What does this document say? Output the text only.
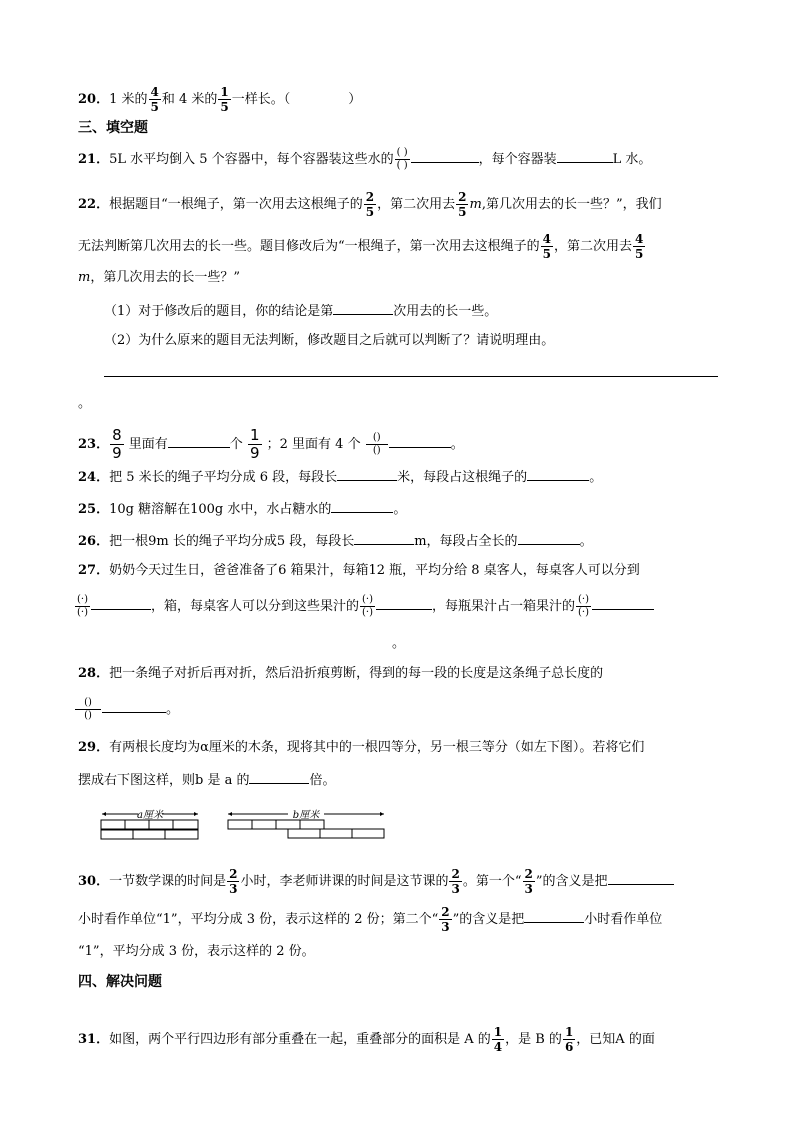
20．1 米的 $\frac{4}{5}$ 和 4 米的 $\frac{1}{5}$ 一样长。（	）
三、填空题
21．5L 水平均倒入 5 个容器中，每个容器装这些水的 $\frac{( )}{( )}$	，每个容器装	L 水。
22．根据题目“一根绳子，第一次用去这根绳子的 $\frac{2}{5}$ ，第二次用去 $\frac{2}{5} m$,第几次用去的长一些？”，我们
无法判断第几次用去的长一些。题目修改后为“一根绳子，第一次用去这根绳子的 $\frac{4}{5}$ ，第二次用去 $\frac{4}{5}$
m，第几次用去的长一些？”
（1）对于修改后的题目，你的结论是第	次用去的长一些。
（2）为什么原来的题目无法判断，修改题目之后就可以判断了？请说明理由。
。
23． $\frac{8}{9}$ 里面有	个 $\frac{1}{9}$ ；2 里面有 4 个 $\frac{()}{()}$	。
24．把 5 米长的绳子平均分成 6 段，每段长	米，每段占这根绳子的	。
25．10g 糖溶解在100g 水中，水占糖水的	。
26．把一根9m 长的绳子平均分成5 段，每段长	m，每段占全长的	。
27．奶奶今天过生日，爸爸准备了6 箱果汁，每箱12 瓶，平均分给 8 桌客人，每桌客人可以分到
$\frac{(\cdot)}{(\cdot)}$	，箱，每桌客人可以分到这些果汁的 $\frac{(\cdot)}{(\cdot)}$	，每瓶果汁占一箱果汁的 $\frac{(\cdot)}{(\cdot)}$
。
28．把一条绳子对折后再对折，然后沿折痕剪断，得到的每一段的长度是这条绳子总长度的
$\frac{()}{()}$	。
29．有两根长度均为α厘米的木条，现将其中的一根四等分，另一根三等分（如左下图）。若将它们
摆成右下图这样，则b 是 a 的	倍。
a厘米	b厘米
30．一节数学课的时间是 $\frac{2}{3}$ 小时，李老师讲课的时间是这节课的 $\frac{2}{3}$ 。第一个“ $\frac{2}{3}$ ”的含义是把
小时看作单位“1”，平均分成 3 份，表示这样的 2 份；第二个“ $\frac{2}{3}$ ”的含义是把	小时看作单位
“1”，平均分成 3 份，表示这样的 2 份。
四、解决问题
31．如图，两个平行四边形有部分重叠在一起，重叠部分的面积是 A 的 $\frac{1}{4}$ ，是 B 的 $\frac{1}{6}$ ，已知A 的面
